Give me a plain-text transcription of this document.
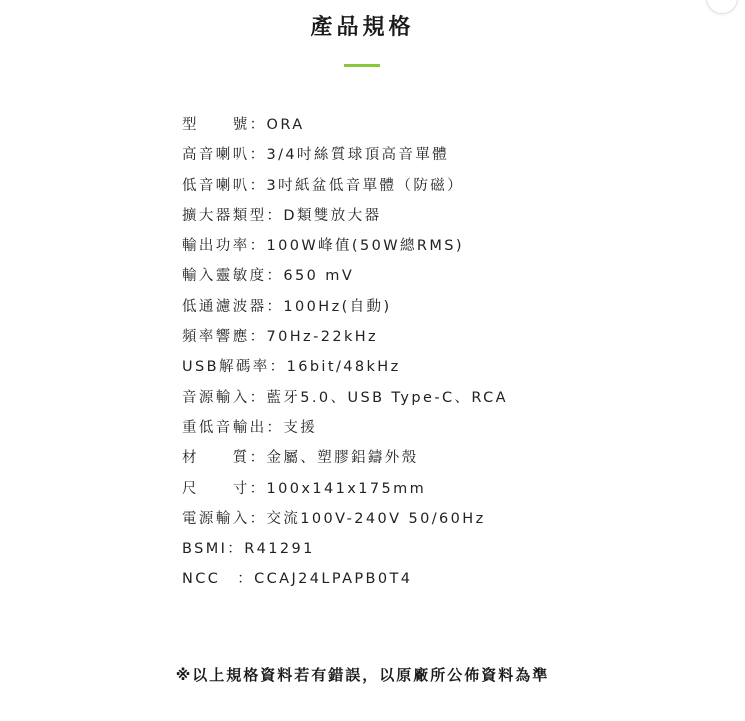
產品規格
型　　號：ORA
高音喇叭：3/4吋絲質球頂高音單體
低音喇叭：3吋紙盆低音單體（防磁）
擴大器類型：D類雙放大器
輸出功率：100W峰值(50W總RMS)
輸入靈敏度：650 mV
低通濾波器：100Hz(自動)
頻率響應：70Hz-22kHz
USB解碼率：16bit/48kHz
音源輸入：藍牙5.0、USB Type-C、RCA
重低音輸出：支援
材　　質：金屬、塑膠鋁鑄外殼
尺　　寸：100x141x175mm
電源輸入：交流100V-240V 50/60Hz
BSMI：R41291
NCC　：CCAJ24LPAPB0T4
※以上規格資料若有錯誤，以原廠所公佈資料為準
